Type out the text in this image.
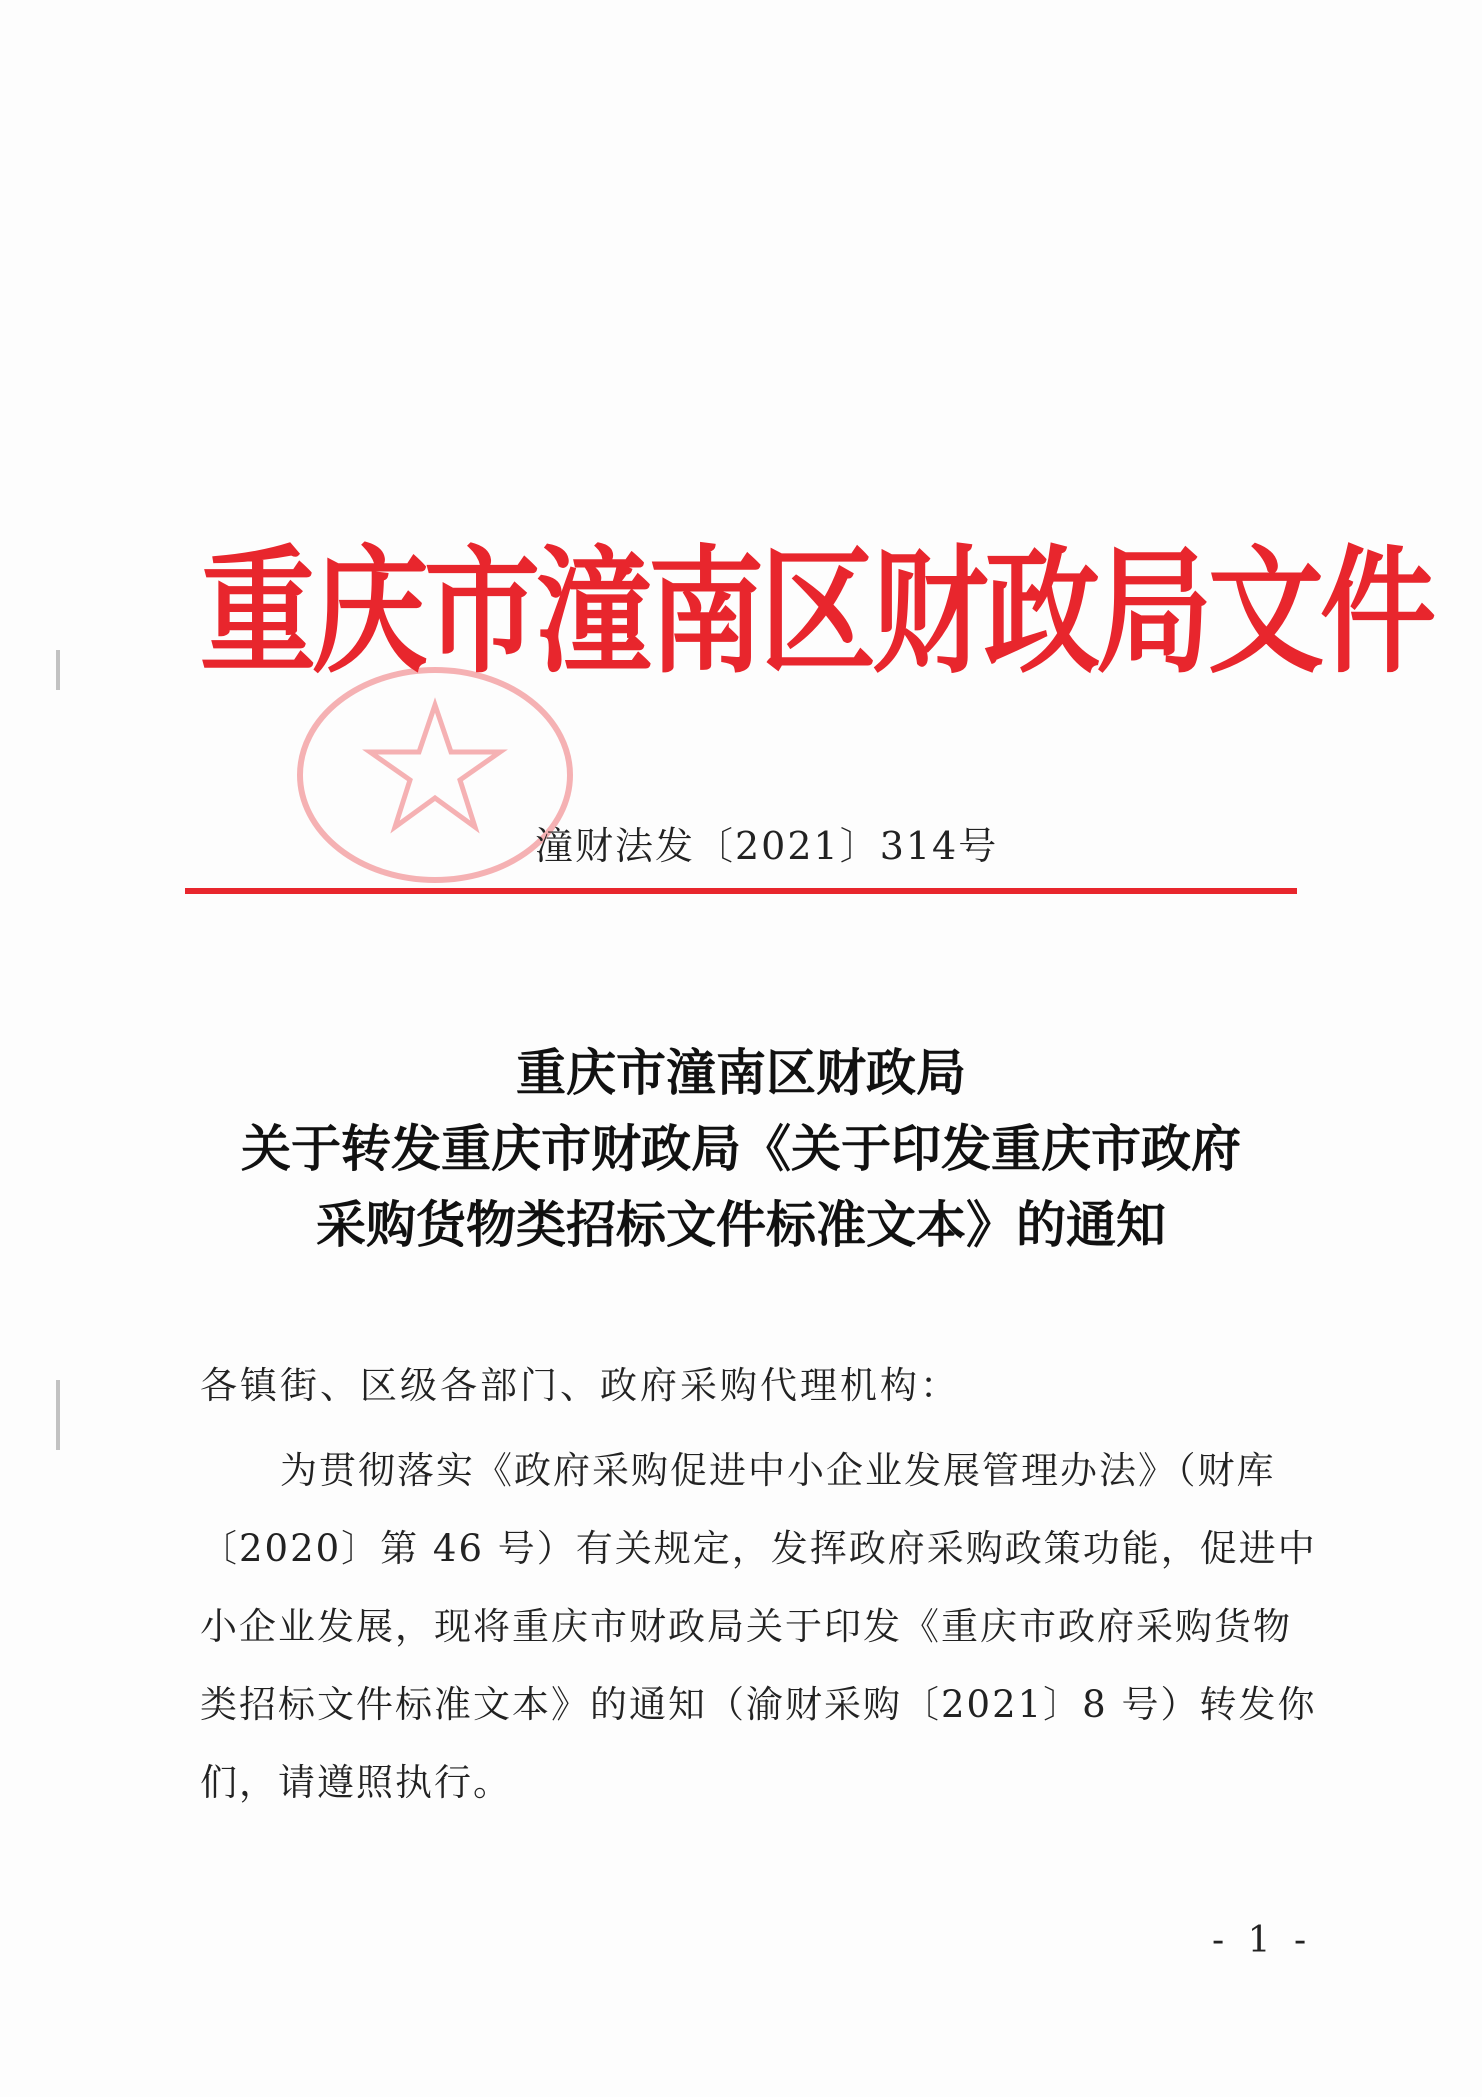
重庆市潼南区财政局文件
潼财法发〔2021〕314号
重庆市潼南区财政局
关于转发重庆市财政局《关于印发重庆市政府
采购货物类招标文件标准文本》的通知
各镇街、区级各部门、政府采购代理机构：
为贯彻落实《政府采购促进中小企业发展管理办法》（财库
〔2020〕第 46 号）有关规定，发挥政府采购政策功能，促进中
小企业发展，现将重庆市财政局关于印发《重庆市政府采购货物
类招标文件标准文本》的通知（渝财采购〔2021〕8 号）转发你
们，请遵照执行。
- 1 -
